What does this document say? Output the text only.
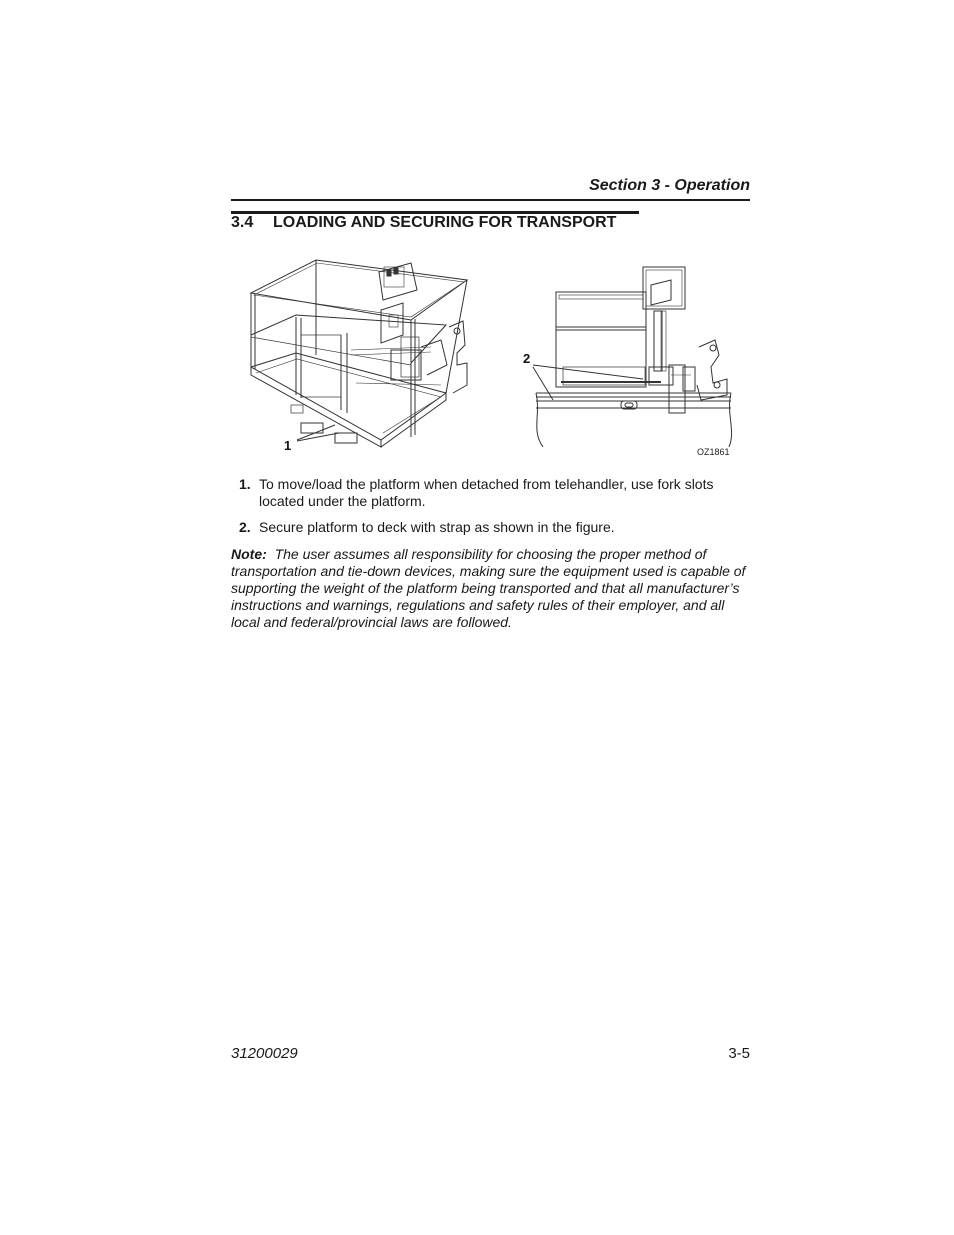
Section 3 - Operation
3.4 LOADING AND SECURING FOR TRANSPORT
1
2
OZ1861
1. To move/load the platform when detached from telehandler, use fork slots located under the platform.
2. Secure platform to deck with strap as shown in the figure.
Note: The user assumes all responsibility for choosing the proper method of transportation and tie-down devices, making sure the equipment used is capable of supporting the weight of the platform being transported and that all manufacturer’s instructions and warnings, regulations and safety rules of their employer, and all local and federal/provincial laws are followed.
31200029	3-5
